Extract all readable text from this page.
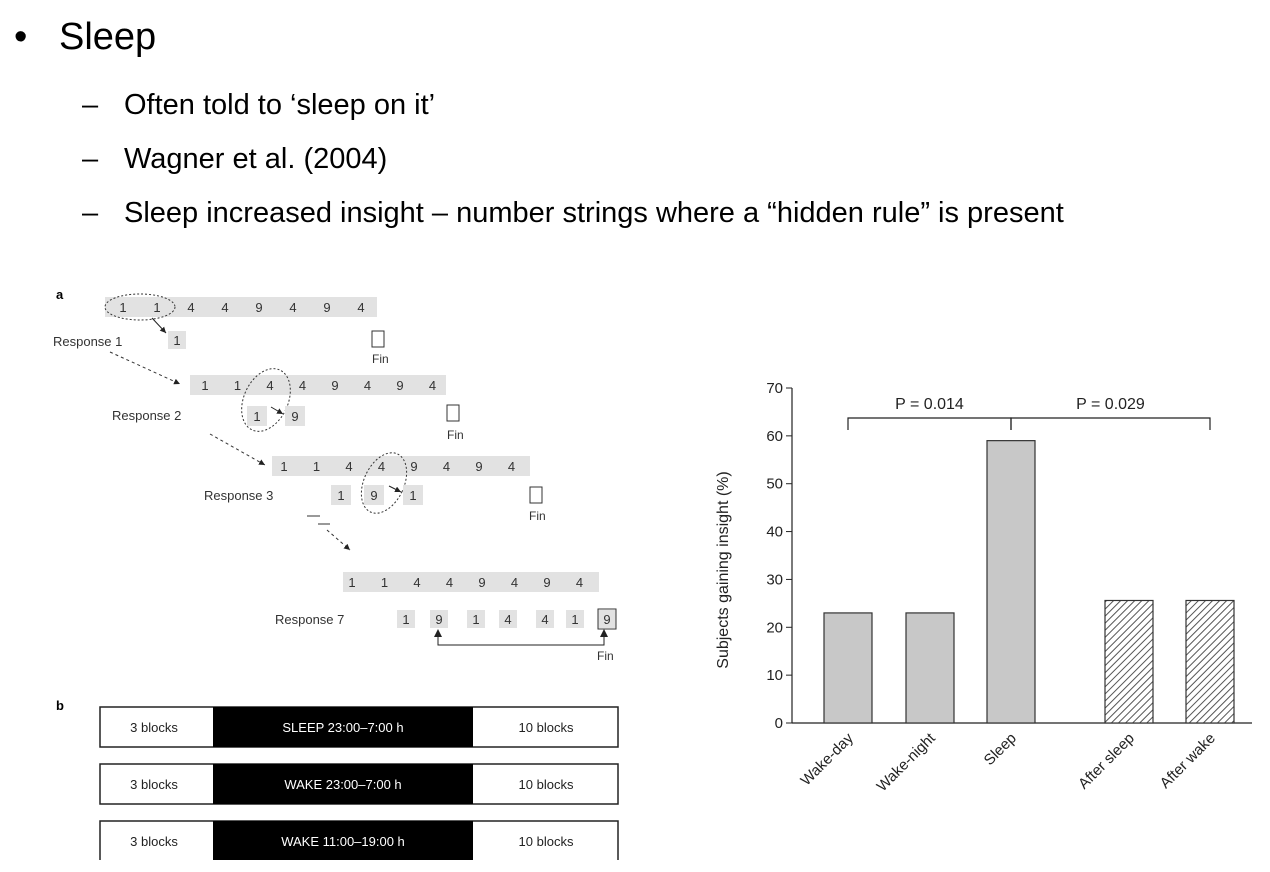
• Sleep
– Often told to ‘sleep on it’
– Wagner et al. (2004)
– Sleep increased insight – number strings where a “hidden rule” is present
a
1 1 4 4 9 4 9 4
1
Response 1
Fin
1 1 4 4 9 4 9 4
Response 2	1 9
Fin
1 1 4 4 9 4 9 4
Response 3	1 9 1
Fin
1 1 4 4 9 4 9 4
Response 7	1 9 1 4 4 1 9
Fin
b
3 blocks	SLEEP 23:00–7:00 h	10 blocks
3 blocks	WAKE 23:00–7:00 h	10 blocks
3 blocks	WAKE 11:00–19:00 h	10 blocks
Subjects gaining insight (%)
0
10
20
30
40
50
60
70
Wake-day Wake-night	Sleep	After sleep After wake
P = 0.014	P = 0.029
